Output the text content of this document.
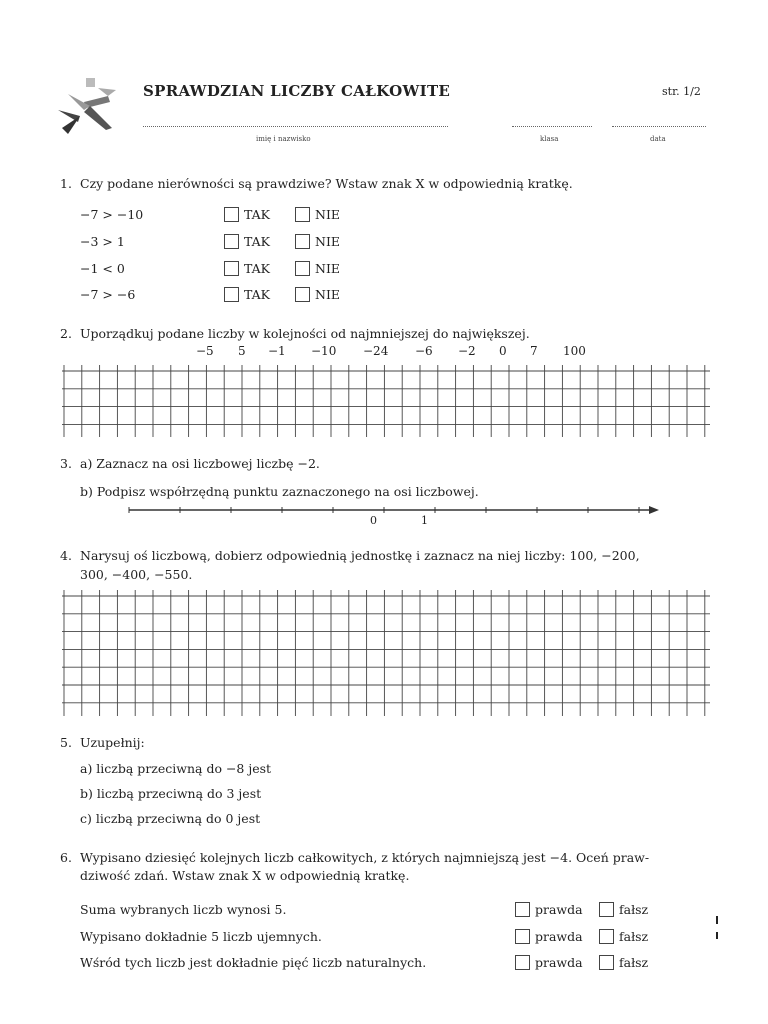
SPRAWDZIAN LICZBY CAŁKOWITE	str. 1/2
imię i nazwisko	klasa	data
1. Czy podane nierówności są prawdziwe? Wstaw znak X w odpowiednią kratkę.
−7 > −10	TAK	NIE
−3 > 1	TAK	NIE
−1 < 0	TAK	NIE
−7 > −6	TAK	NIE
2. Uporządkuj podane liczby w kolejności od najmniejszej do największej.
−5 5 −1 −10 −24 −6 −2 0 7 100
3. a) Zaznacz na osi liczbowej liczbę −2.
b) Podpisz współrzędną punktu zaznaczonego na osi liczbowej.
0	1
4. Narysuj oś liczbową, dobierz odpowiednią jednostkę i zaznacz na niej liczby: 100, −200,
300, −400, −550.
5. Uzupełnij:
a) liczbą przeciwną do −8 jest
b) liczbą przeciwną do 3 jest
c) liczbą przeciwną do 0 jest
6. Wypisano dziesięć kolejnych liczb całkowitych, z których najmniejszą jest −4. Oceń praw-
dziwość zdań. Wstaw znak X w odpowiednią kratkę.
Suma wybranych liczb wynosi 5.	prawda	fałsz
Wypisano dokładnie 5 liczb ujemnych.	prawda	fałsz
Wśród tych liczb jest dokładnie pięć liczb naturalnych.	prawda	fałsz
